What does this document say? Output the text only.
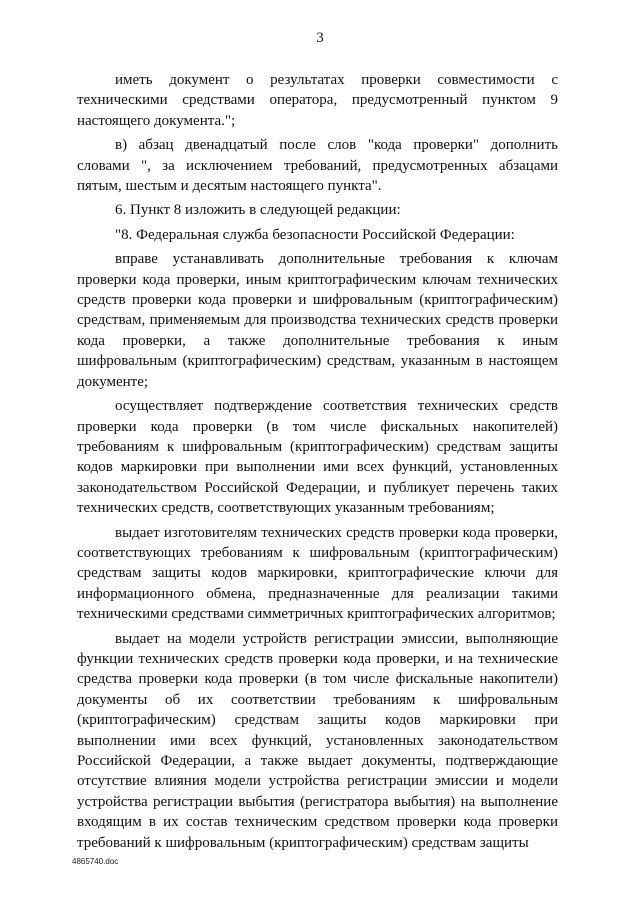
3

иметь документ о результатах проверки совместимости с техническими средствами оператора, предусмотренный пунктом 9 настоящего документа.";

в) абзац двенадцатый после слов "кода проверки" дополнить словами ", за исключением требований, предусмотренных абзацами пятым, шестым и десятым настоящего пункта".

6. Пункт 8 изложить в следующей редакции:

"8. Федеральная служба безопасности Российской Федерации:

вправе устанавливать дополнительные требования к ключам проверки кода проверки, иным криптографическим ключам технических средств проверки кода проверки и шифровальным (криптографическим) средствам, применяемым для производства технических средств проверки кода проверки, а также дополнительные требования к иным шифровальным (криптографическим) средствам, указанным в настоящем документе;

осуществляет подтверждение соответствия технических средств проверки кода проверки (в том числе фискальных накопителей) требованиям к шифровальным (криптографическим) средствам защиты кодов маркировки при выполнении ими всех функций, установленных законодательством Российской Федерации, и публикует перечень таких технических средств, соответствующих указанным требованиям;

выдает изготовителям технических средств проверки кода проверки, соответствующих требованиям к шифровальным (криптографическим) средствам защиты кодов маркировки, криптографические ключи для информационного обмена, предназначенные для реализации такими техническими средствами симметричных криптографических алгоритмов;

выдает на модели устройств регистрации эмиссии, выполняющие функции технических средств проверки кода проверки, и на технические средства проверки кода проверки (в том числе фискальные накопители) документы об их соответствии требованиям к шифровальным (криптографическим) средствам защиты кодов маркировки при выполнении ими всех функций, установленных законодательством Российской Федерации, а также выдает документы, подтверждающие отсутствие влияния модели устройства регистрации эмиссии и модели устройства регистрации выбытия (регистратора выбытия) на выполнение входящим в их состав техническим средством проверки кода проверки требований к шифровальным (криптографическим) средствам защиты

4865740.doc
